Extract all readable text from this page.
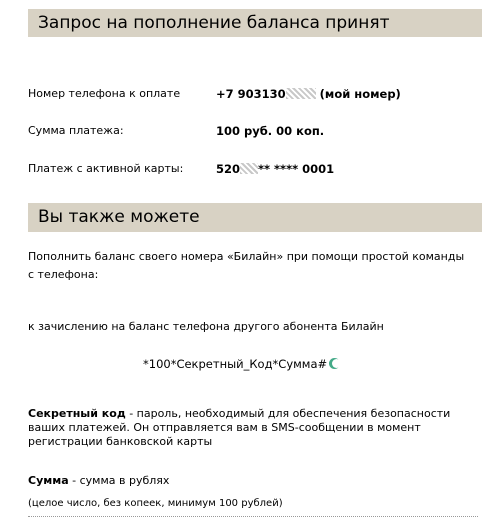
Запрос на пополнение баланса принят
Номер телефона к оплате	+7 903130	(мой номер)
Сумма платежа:	100 руб. 00 коп.
Платеж с активной карты:	520 ** **** 0001
Вы также можете
Пополнить баланс своего номера «Билайн» при помощи простой команды с телефона:
к зачислению на баланс телефона другого абонента Билайн
*100*Секретный_Код*Сумма#
Секретный код - пароль, необходимый для обеспечения безопасности ваших платежей. Он отправляется вам в SMS-сообщении в момент регистрации банковской карты
Сумма - сумма в рублях
(целое число, без копеек, минимум 100 рублей)
